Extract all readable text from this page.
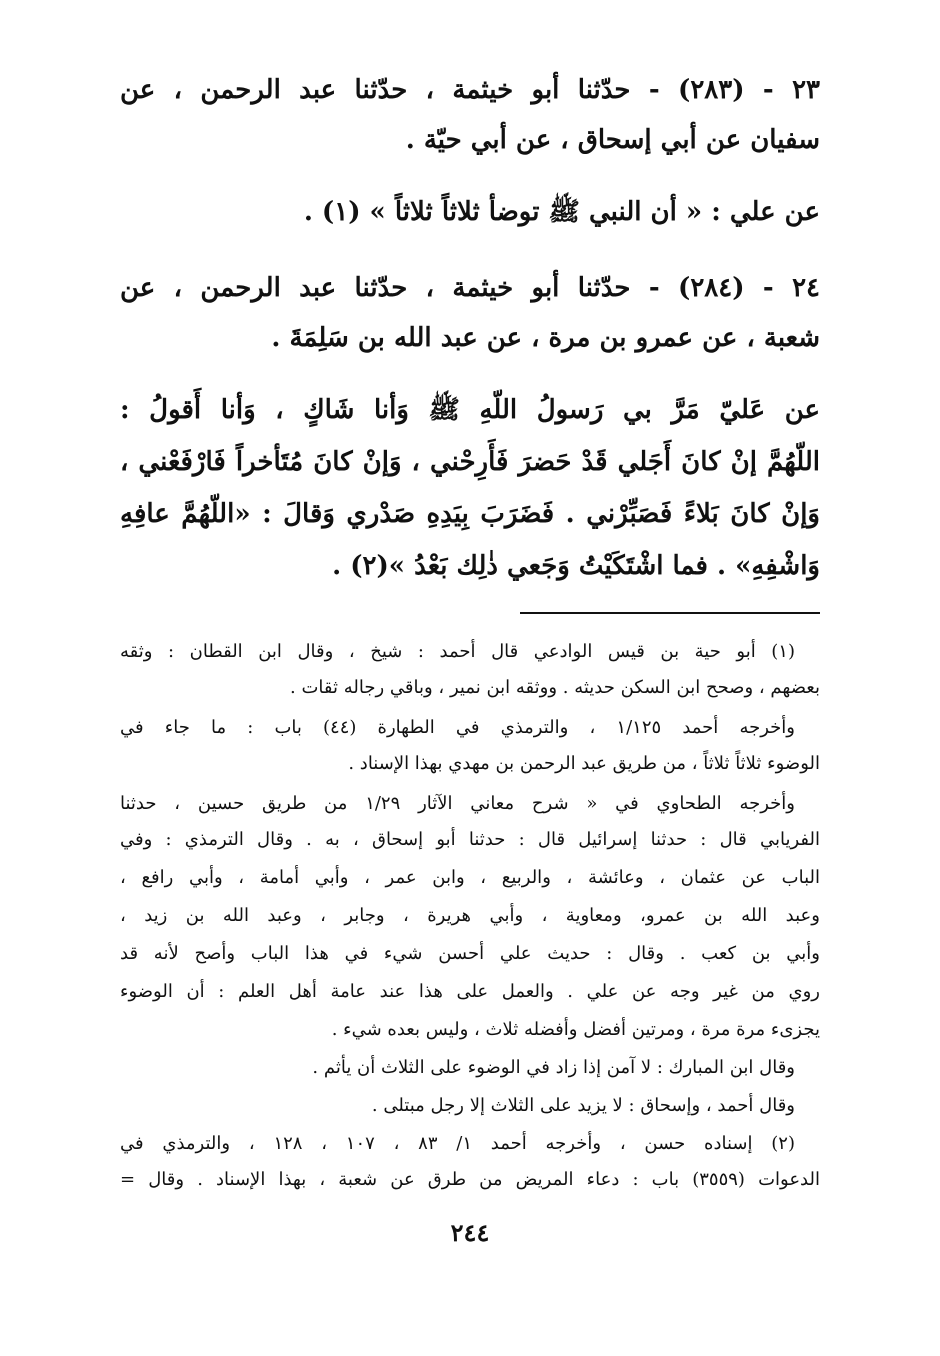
٢٣ - (٢٨٣) - حدّثنا أبو خيثمة ، حدّثنا عبد الرحمن ، عن
سفيان عن أبي إسحاق ، عن أبي حيّة .
عن علي : « أن النبي ﷺ توضأ ثلاثاً ثلاثاً » (١) .
٢٤ - (٢٨٤) - حدّثنا أبو خيثمة ، حدّثنا عبد الرحمن ، عن
شعبة ، عن عمرو بن مرة ، عن عبد الله بن سَلِمَةَ .
عن عَليّ مَرَّ بي رَسولُ اللّهِ ﷺ وَأنا شَاكٍ ، وَأنا أَقولُ :
اللّهُمَّ إنْ كانَ أَجَلي قَدْ حَضرَ فَأَرِحْني ، وَإنْ كانَ مُتَأخراً فَارْفَعْني ،
وَإنْ كانَ بَلاءً فَصَبِّرْني . فَضَرَبَ بِيَدِهِ صَدْري وَقالَ : «اللّهُمَّ عافِهِ
وَاشْفِهِ» . فما اشْتَكَيْتُ وَجَعي ذٰلِك بَعْدُ »(٢) .
(١) أبو حية بن قيس الوادعي قال أحمد : شيخ ، وقال ابن القطان : وثقه
بعضهم ، وصحح ابن السكن حديثه . ووثقه ابن نمير ، وباقي رجاله ثقات .
وأخرجه أحمد ١/١٢٥ ، والترمذي في الطهارة (٤٤) باب : ما جاء في
الوضوء ثلاثاً ثلاثاً ، من طريق عبد الرحمن بن مهدي بهذا الإسناد .
وأخرجه الطحاوي في « شرح معاني الآثار ١/٢٩ من طريق حسين ، حدثنا
الفريابي قال : حدثنا إسرائيل قال : حدثنا أبو إسحاق ، به . وقال الترمذي : وفي
الباب عن عثمان ، وعائشة ، والربيع ، وابن عمر ، وأبي أمامة ، وأبي رافع ،
وعبد الله بن عمرو، ومعاوية ، وأبي هريرة ، وجابر ، وعبد الله بن زيد ،
وأبي بن كعب . وقال : حديث علي أحسن شيء في هذا الباب وأصح لأنه قد
روي من غير وجه عن علي . والعمل على هذا عند عامة أهل العلم : أن الوضوء
يجزىء مرة مرة ، ومرتين أفضل وأفضله ثلاث ، وليس بعده شيء .
وقال ابن المبارك : لا آمن إذا زاد في الوضوء على الثلاث أن يأثم .
وقال أحمد ، وإسحاق : لا يزيد على الثلاث إلا رجل مبتلى .
(٢) إسناده حسن ، وأخرجه أحمد ١/ ٨٣ ، ١٠٧ ، ١٢٨ ، والترمذي في
الدعوات (٣٥٥٩) باب : دعاء المريض من طرق عن شعبة ، بهذا الإسناد . وقال =
٢٤٤
